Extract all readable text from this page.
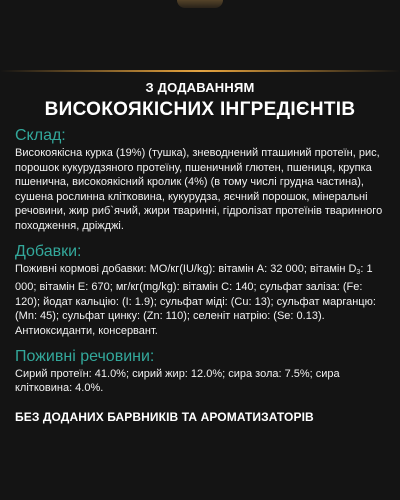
З ДОДАВАННЯМ
ВИСОКОЯКІСНИХ ІНГРЕДІЄНТІВ
Склад:

Високоякісна курка (19%) (тушка), зневоднений пташиний протеїн, рис, порошок кукурудзяного протеїну, пшеничний глютен, пшениця, крупка пшенична, високоякісний кролик (4%) (в тому числі грудна частина), сушена рослинна клітковина, кукурудза, яєчний порошок, мінеральні речовини, жир риб`ячий, жири тваринні, гідролізат протеїнів тваринного походження, дріжджі.

Добавки:

Поживні кормові добавки: МО/кг(IU/kg): вітамін А: 32 000; вітамін $D_3$: 1 000; вітамін Е: 670; мг/кг(mg/kg): вітамін С: 140; сульфат заліза: (Fe: 120); йодат кальцію: (I: 1.9); сульфат міді: (Cu: 13); сульфат марганцю: (Mn: 45); сульфат цинку: (Zn: 110); селеніт натрію: (Se: 0.13). Антиоксиданти, консервант.

Поживні речовини:

Сирий протеїн: 41.0%; сирий жир: 12.0%; сира зола: 7.5%; сира клітковина: 4.0%.

БЕЗ ДОДАНИХ БАРВНИКІВ ТА АРОМАТИЗАТОРІВ
